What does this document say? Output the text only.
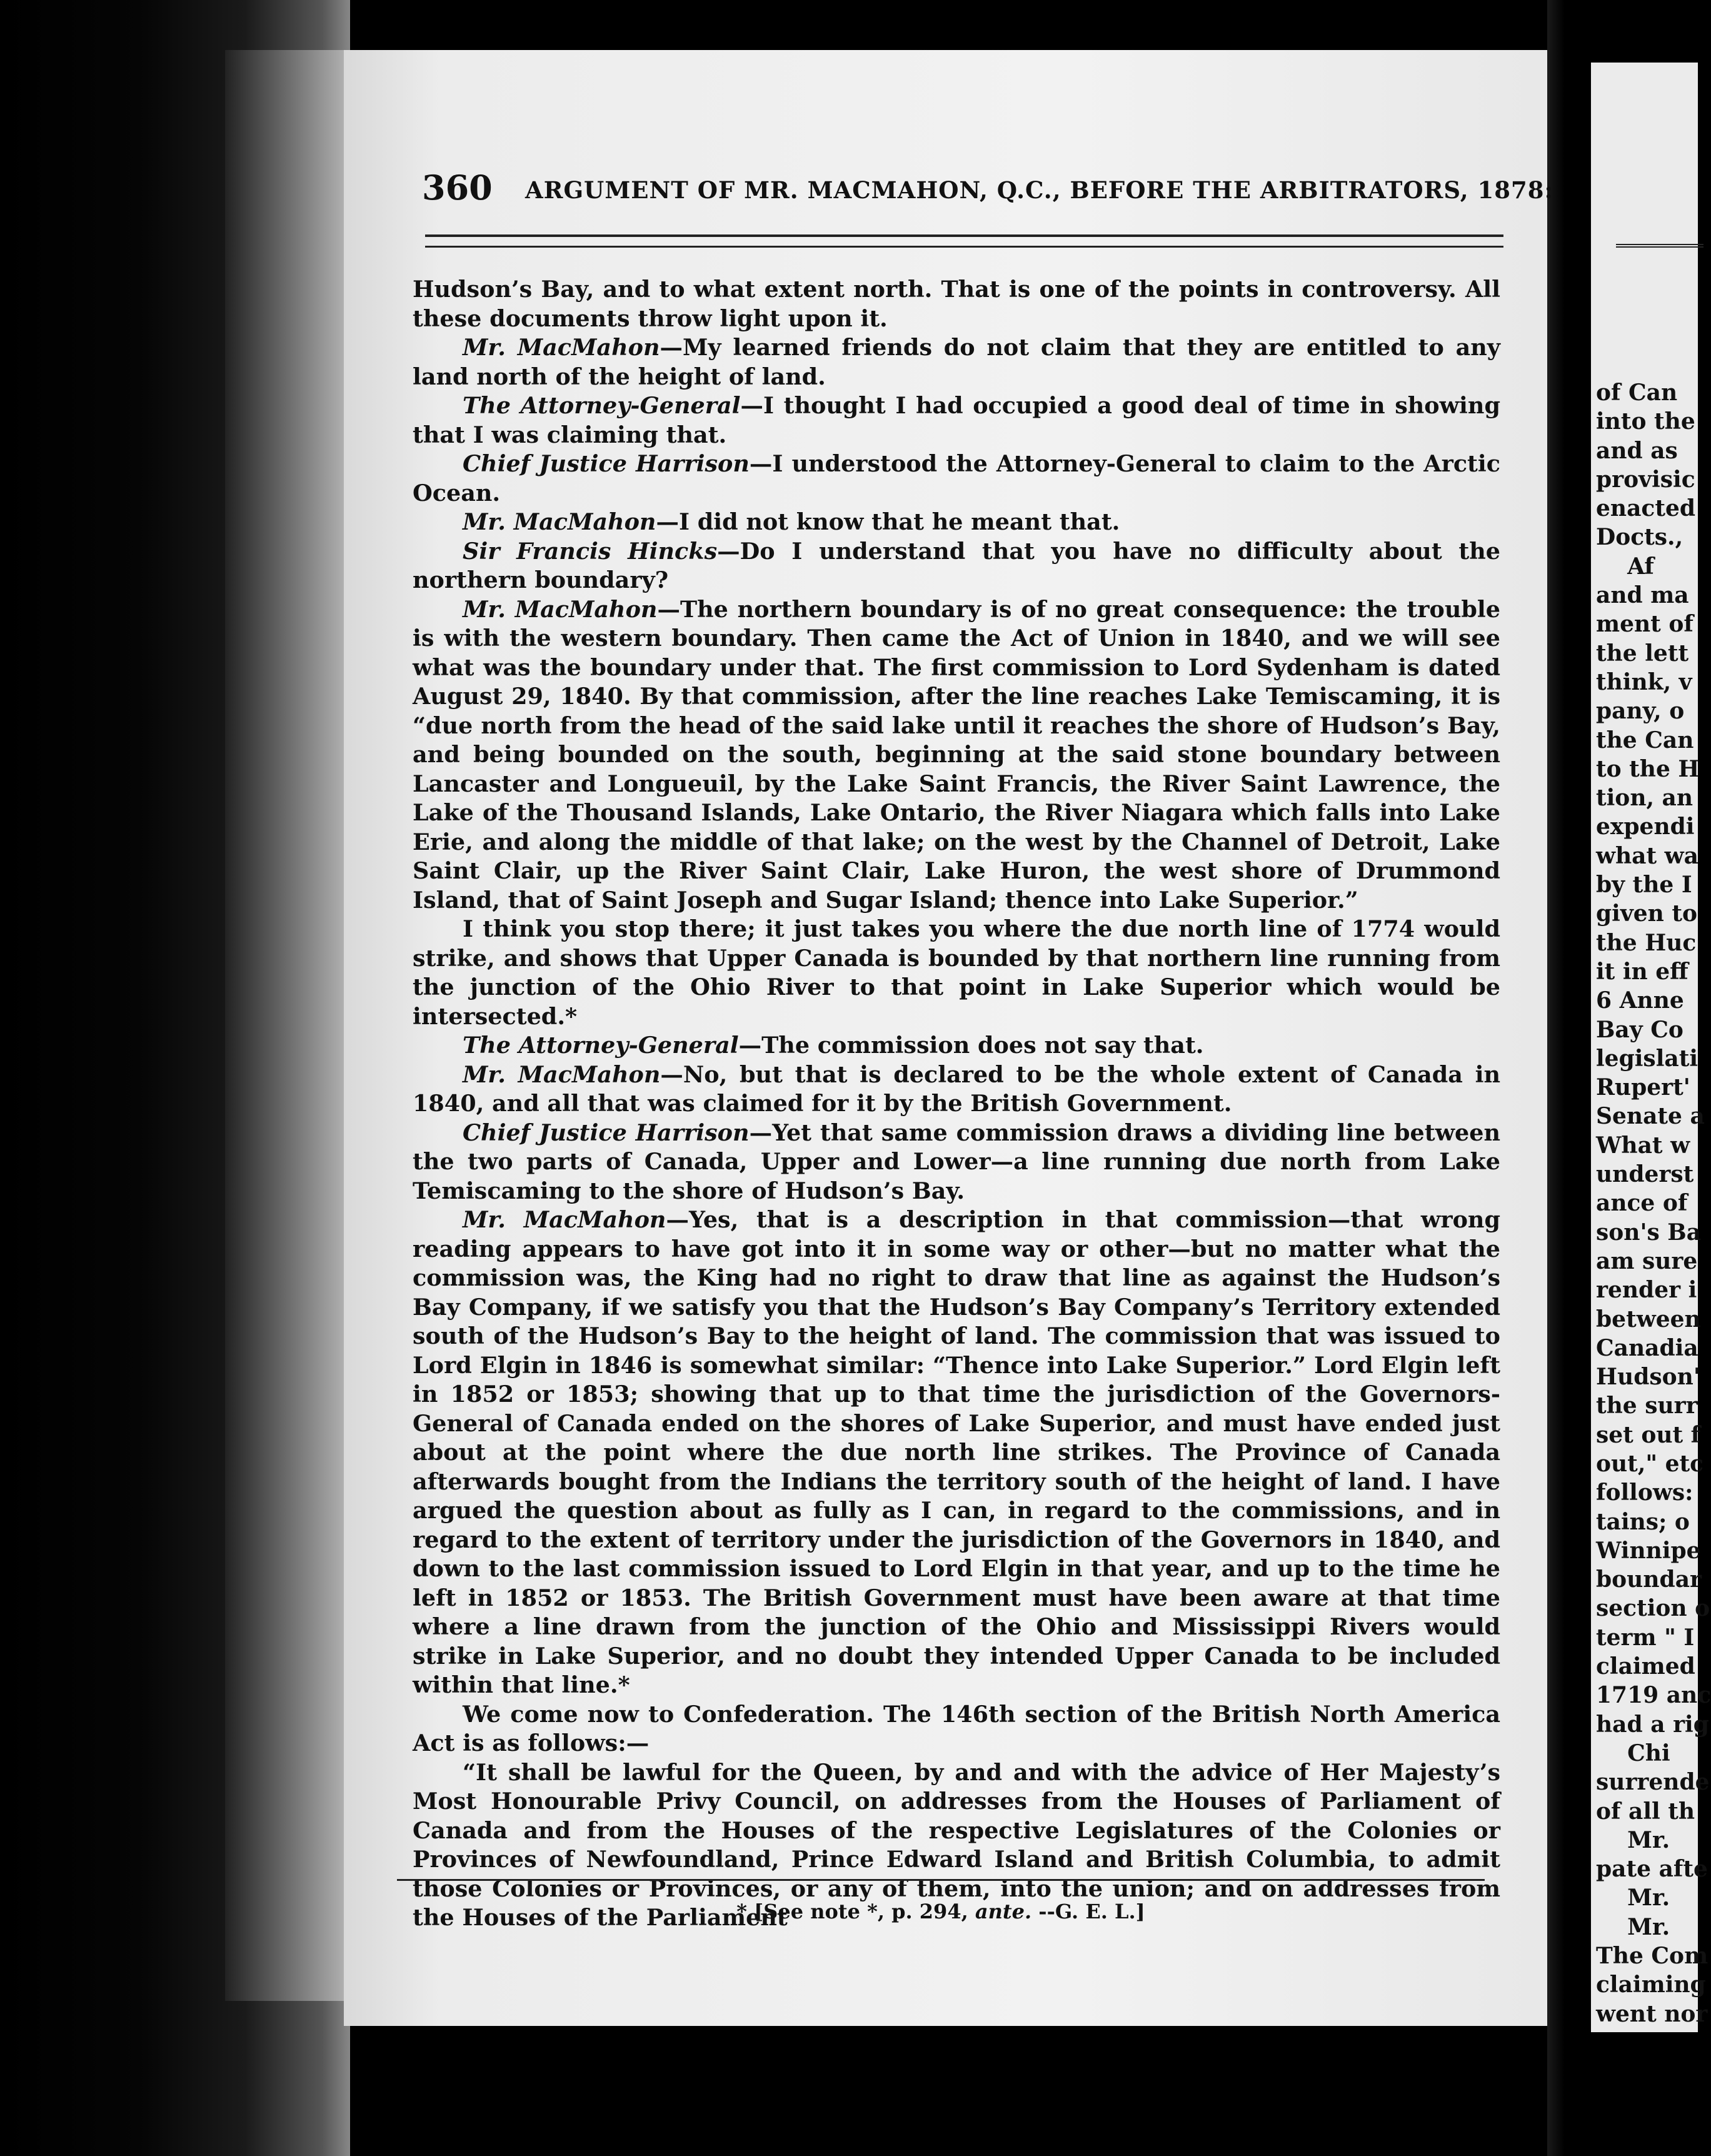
of Can
into the
and as
provisic
enacted
Docts.,
Af
and ma
ment of
the lett
think, v
pany, o
the Can
to the H
tion, an
expendi
what wa
by the I
given to
the Huc
it in eff
6 Anne
Bay Co
legislati
Rupert'
Senate a
What w
underst
ance of
son's Ba
am sure
render i
between
Canadia
Hudson'
the surr
set out f
out," etc
follows:
tains; o
Winnipe
boundar
section o
term " I
claimed
1719 anc
had a rig
Chi
surrende
of all th
Mr.
pate afte
Mr.
Mr.
The Com
claiming
went nor
360 ARGUMENT OF MR. MACMAHON, Q.C., BEFORE THE ARBITRATORS, 1878:

Hudson’s Bay, and to what extent north. That is one of the points in controversy. All these documents throw light upon it.

Mr. MacMahon—My learned friends do not claim that they are entitled to any land north of the height of land.

The Attorney-General—I thought I had occupied a good deal of time in showing that I was claiming that.

Chief Justice Harrison—I understood the Attorney-General to claim to the Arctic Ocean.

Mr. MacMahon—I did not know that he meant that.

Sir Francis Hincks—Do I understand that you have no difficulty about the northern boundary?

Mr. MacMahon—The northern boundary is of no great consequence: the trouble is with the western boundary. Then came the Act of Union in 1840, and we will see what was the boundary under that. The first commission to Lord Sydenham is dated August 29, 1840. By that commission, after the line reaches Lake Temiscaming, it is “due north from the head of the said lake until it reaches the shore of Hudson’s Bay, and being bounded on the south, beginning at the said stone boundary between Lancaster and Longueuil, by the Lake Saint Francis, the River Saint Lawrence, the Lake of the Thousand Islands, Lake Ontario, the River Niagara which falls into Lake Erie, and along the middle of that lake; on the west by the Channel of Detroit, Lake Saint Clair, up the River Saint Clair, Lake Huron, the west shore of Drummond Island, that of Saint Joseph and Sugar Island; thence into Lake Superior.”

I think you stop there; it just takes you where the due north line of 1774 would strike, and shows that Upper Canada is bounded by that northern line running from the junction of the Ohio River to that point in Lake Superior which would be intersected.*

The Attorney-General—The commission does not say that.

Mr. MacMahon—No, but that is declared to be the whole extent of Canada in 1840, and all that was claimed for it by the British Government.

Chief Justice Harrison—Yet that same commission draws a dividing line between the two parts of Canada, Upper and Lower—a line running due north from Lake Temiscaming to the shore of Hudson’s Bay.

Mr. MacMahon—Yes, that is a description in that commission—that wrong reading appears to have got into it in some way or other—but no matter what the commission was, the King had no right to draw that line as against the Hudson’s Bay Company, if we satisfy you that the Hudson’s Bay Company’s Territory extended south of the Hudson’s Bay to the height of land. The commission that was issued to Lord Elgin in 1846 is somewhat similar: “Thence into Lake Superior.” Lord Elgin left in 1852 or 1853; showing that up to that time the jurisdiction of the Governors-General of Canada ended on the shores of Lake Superior, and must have ended just about at the point where the due north line strikes. The Province of Canada afterwards bought from the Indians the territory south of the height of land. I have argued the question about as fully as I can, in regard to the commissions, and in regard to the extent of territory under the jurisdiction of the Governors in 1840, and down to the last commission issued to Lord Elgin in that year, and up to the time he left in 1852 or 1853. The British Government must have been aware at that time where a line drawn from the junction of the Ohio and Mississippi Rivers would strike in Lake Superior, and no doubt they intended Upper Canada to be included within that line.*

We come now to Confederation. The 146th section of the British North America Act is as follows:—

“It shall be lawful for the Queen, by and and with the advice of Her Majesty’s Most Honourable Privy Council, on addresses from the Houses of Parliament of Canada and from the Houses of the respective Legislatures of the Colonies or Provinces of Newfoundland, Prince Edward Island and British Columbia, to admit those Colonies or Provinces, or any of them, into the union; and on addresses from the Houses of the Parliament

* [See note *, p. 294, ante. --G. E. L.]
